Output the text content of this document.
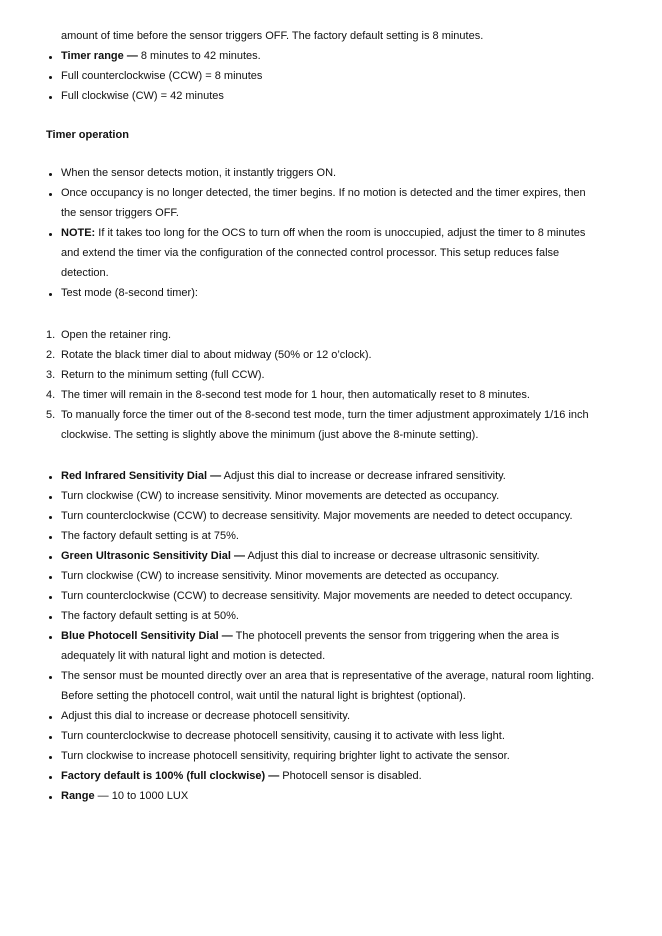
amount of time before the sensor triggers OFF. The factory default setting is 8 minutes.
Timer range — 8 minutes to 42 minutes.
Full counterclockwise (CCW) = 8 minutes
Full clockwise (CW) = 42 minutes
Timer operation
When the sensor detects motion, it instantly triggers ON.
Once occupancy is no longer detected, the timer begins. If no motion is detected and the timer expires, then
the sensor triggers OFF.
NOTE: If it takes too long for the OCS to turn off when the room is unoccupied, adjust the timer to 8 minutes
and extend the timer via the configuration of the connected control processor. This setup reduces false
detection.
Test mode (8-second timer):
1. Open the retainer ring.
2. Rotate the black timer dial to about midway (50% or 12 o’clock).
3. Return to the minimum setting (full CCW).
4. The timer will remain in the 8-second test mode for 1 hour, then automatically reset to 8 minutes.
5. To manually force the timer out of the 8-second test mode, turn the timer adjustment approximately 1/16 inch
clockwise. The setting is slightly above the minimum (just above the 8-minute setting).
Red Infrared Sensitivity Dial — Adjust this dial to increase or decrease infrared sensitivity.
Turn clockwise (CW) to increase sensitivity. Minor movements are detected as occupancy.
Turn counterclockwise (CCW) to decrease sensitivity. Major movements are needed to detect occupancy.
The factory default setting is at 75%.
Green Ultrasonic Sensitivity Dial — Adjust this dial to increase or decrease ultrasonic sensitivity.
Turn clockwise (CW) to increase sensitivity. Minor movements are detected as occupancy.
Turn counterclockwise (CCW) to decrease sensitivity. Major movements are needed to detect occupancy.
The factory default setting is at 50%.
Blue Photocell Sensitivity Dial — The photocell prevents the sensor from triggering when the area is
adequately lit with natural light and motion is detected.
The sensor must be mounted directly over an area that is representative of the average, natural room lighting.
Before setting the photocell control, wait until the natural light is brightest (optional).
Adjust this dial to increase or decrease photocell sensitivity.
Turn counterclockwise to decrease photocell sensitivity, causing it to activate with less light.
Turn clockwise to increase photocell sensitivity, requiring brighter light to activate the sensor.
Factory default is 100% (full clockwise) — Photocell sensor is disabled.
Range — 10 to 1000 LUX
